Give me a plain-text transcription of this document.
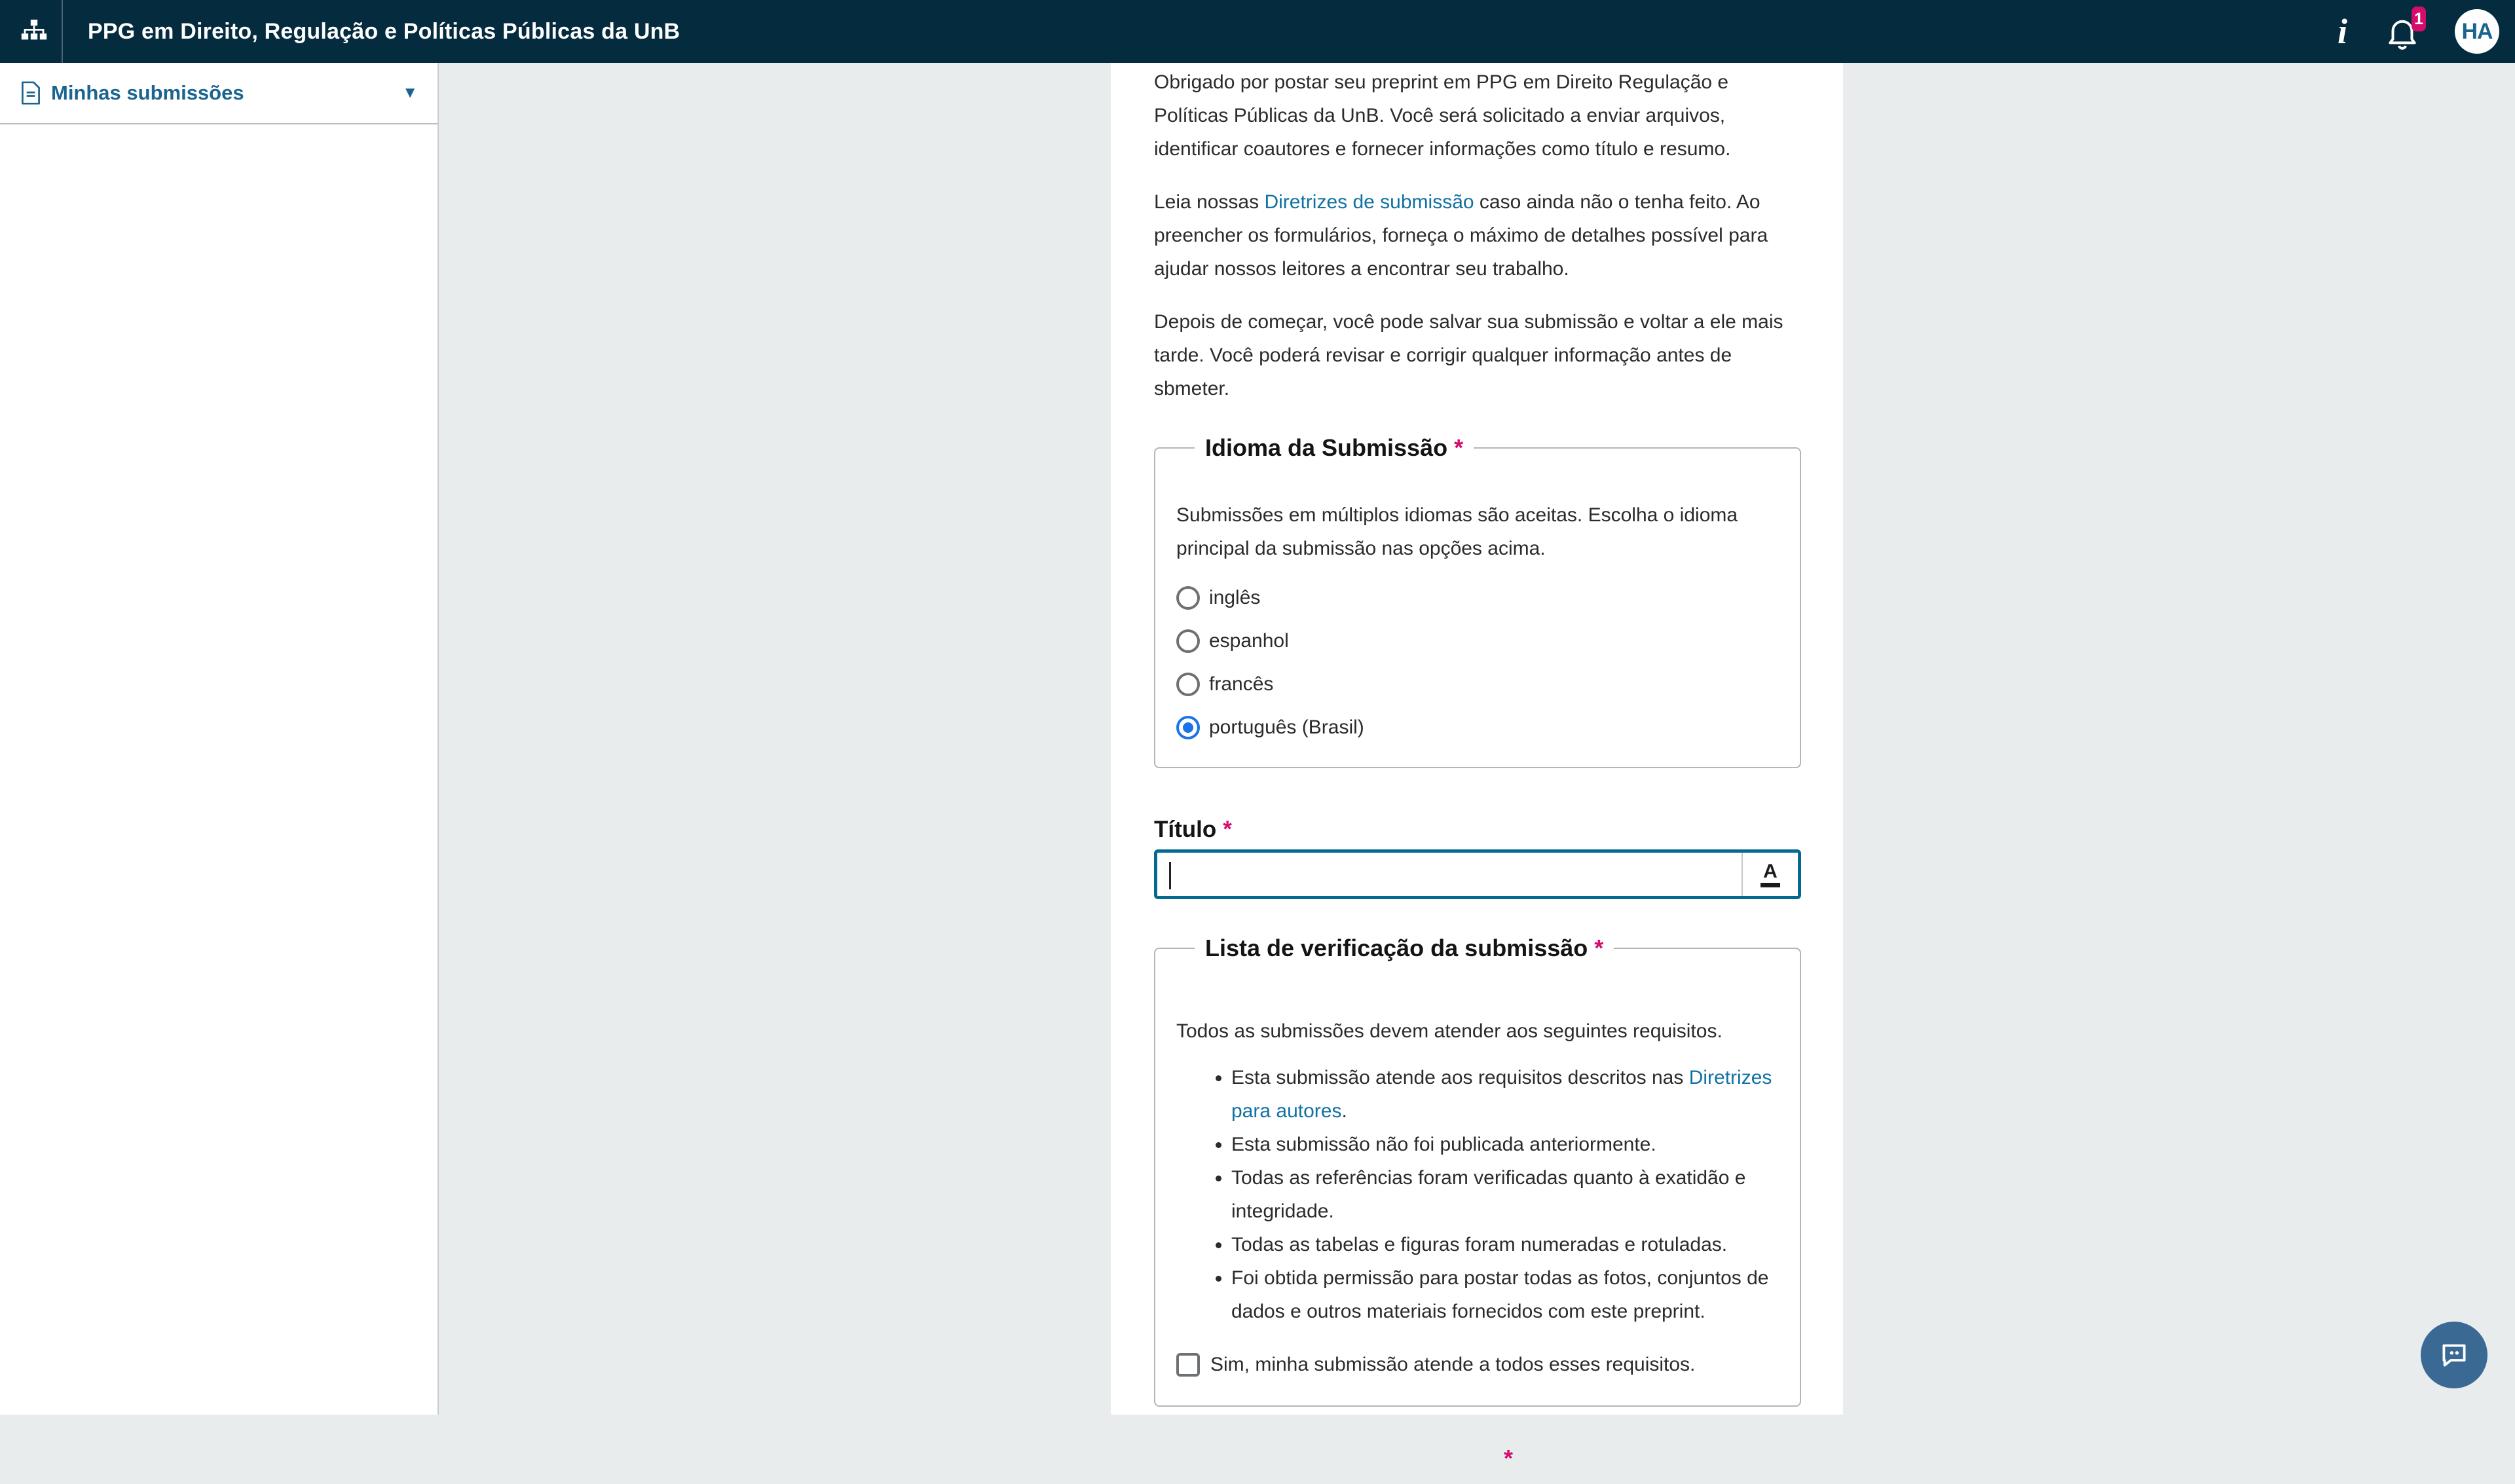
PPG em Direito, Regulação e Políticas Públicas da UnB	i	1	HA
Minhas submissões	▼	Obrigado por postar seu preprint em PPG em Direito Regulação e Políticas Públicas da UnB. Você será solicitado a enviar arquivos, identificar coautores e fornecer informações como título e resumo.

Leia nossas Diretrizes de submissão caso ainda não o tenha feito. Ao preencher os formulários, forneça o máximo de detalhes possível para ajudar nossos leitores a encontrar seu trabalho.

Depois de começar, você pode salvar sua submissão e voltar a ele mais tarde. Você poderá revisar e corrigir qualquer informação antes de sbmeter.

Idioma da Submissão *
Submissões em múltiplos idiomas são aceitas. Escolha o idioma principal da submissão nas opções acima.
inglês
espanhol
francês
português (Brasil)
Título *
A
Lista de verificação da submissão *
Todos as submissões devem atender aos seguintes requisitos.
• Esta submissão atende aos requisitos descritos nas Diretrizes para autores.
• Esta submissão não foi publicada anteriormente.
• Todas as referências foram verificadas quanto à exatidão e integridade.
• Todas as tabelas e figuras foram numeradas e rotuladas.
• Foi obtida permissão para postar todas as fotos, conjuntos de dados e outros materiais fornecidos com este preprint.
Sim, minha submissão atende a todos esses requisitos.
*
